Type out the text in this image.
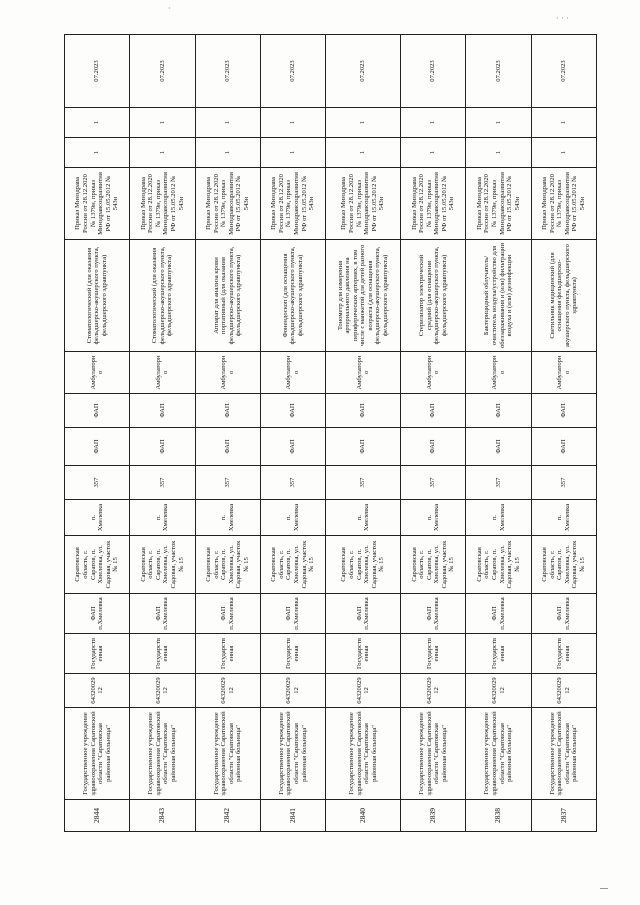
·
· · ·
2844	Государственное учреждение здравоохранения Саратовской области "Саратовская районная больница"	6432002912	Государственная	ФАП п.Хмелевка	Саратовская область, г. Саратов, п. Хмелевка, ул. Садовая, участок № 15	п. Хмелевка	357	ФАП	ФАП	Амбулаторно	Стоматологический (для оказания фельдшерско-акушерского пункта, фельдшерского здравпункта)	Приказ Минздрава России от 28.12.2020 № 1379н, приказ Минздравсоцразвития РФ от 15.05.2012 № 543н	1	1	07.2023
2843	Государственное учреждение здравоохранения Саратовской области "Саратовская районная больница"	6432002912	Государственная	ФАП п.Хмелевка	Саратовская область, г. Саратов, п. Хмелевка, ул. Садовая, участок № 15	п. Хмелевка	357	ФАП	ФАП	Амбулаторно	Стоматологический (для оказания фельдшерско-акушерского пункта, фельдшерского здравпункта)	Приказ Минздрава России от 28.12.2020 № 1379н, приказ Минздравсоцразвития РФ от 15.05.2012 № 543н	1	1	07.2023
2842	Государственное учреждение здравоохранения Саратовской области "Саратовская районная больница"	6432002912	Государственная	ФАП п.Хмелевка	Саратовская область, г. Саратов, п. Хмелевка, ул. Садовая, участок № 15	п. Хмелевка	357	ФАП	ФАП	Амбулаторно	Аппарат для анализа крови портативный (для оказания фельдшерско-акушерского пункта, фельдшерского здравпункта)	Приказ Минздрава России от 28.12.2020 № 1379н, приказ Минздравсоцразвития РФ от 15.05.2012 № 543н	1	1	07.2023
2841	Государственное учреждение здравоохранения Саратовской области "Саратовская районная больница"	6432002912	Государственная	ФАП п.Хмелевка	Саратовская область, г. Саратов, п. Хмелевка, ул. Садовая, участок № 15	п. Хмелевка	357	ФАП	ФАП	Амбулаторно	Фонендоскоп (для оснащения фельдшерско-акушерского пункта, фельдшерского здравпункта)	Приказ Минздрава России от 28.12.2020 № 1379н, приказ Минздравсоцразвития РФ от 15.05.2012 № 543н	1	1	07.2023
2840	Государственное учреждение здравоохранения Саратовской области "Саратовская районная больница"	6432002912	Государственная	ФАП п.Хмелевка	Саратовская область, г. Саратов, п. Хмелевка, ул. Садовая, участок № 15	п. Хмелевка	357	ФАП	ФАП	Амбулаторно	Тонометр для измерения артериального давления на периферических артериях, в том числе с манжетой для детей разного возраста (для оснащения фельдшерско-акушерского пункта, фельдшерского здравпункта)	Приказ Минздрава России от 28.12.2020 № 1379н, приказ Минздравсоцразвития РФ от 15.05.2012 № 543н	1	1	07.2023
2839	Государственное учреждение здравоохранения Саратовской области "Саратовская районная больница"	6432002912	Государственная	ФАП п.Хмелевка	Саратовская область, г. Саратов, п. Хмелевка, ул. Садовая, участок № 15	п. Хмелевка	357	ФАП	ФАП	Амбулаторно	Стерилизатор электрический средний (для оснащения фельдшерско-акушерского пункта, фельдшерского здравпункта)	Приказ Минздрава России от 28.12.2020 № 1379н, приказ Минздравсоцразвития РФ от 15.05.2012 № 543н	1	1	07.2023
2838	Государственное учреждение здравоохранения Саратовской области "Саратовская районная больница"	6432002912	Государственная	ФАП п.Хмелевка	Саратовская область, г. Саратов, п. Хмелевка, ул. Садовая, участок № 15	п. Хмелевка	357	ФАП	ФАП	Амбулаторно	Бактерицидный облучатель/очиститель воздуха/устройство для обеззараживания и (или) фильтрации воздуха и (или) дезинфекции	Приказ Минздрава России от 28.12.2020 № 1379н, приказ Минздравсоцразвития РФ от 15.05.2012 № 543н	1	1	07.2023
2837	Государственное учреждение здравоохранения Саратовской области "Саратовская районная больница"	6432002912	Государственная	ФАП п.Хмелевка	Саратовская область, г. Саратов, п. Хмелевка, ул. Садовая, участок № 15	п. Хмелевка	357	ФАП	ФАП	Амбулаторно	Светильник медицинский (для оснащения фельдшерско-акушерского пункта, фельдшерского здравпункта)	Приказ Минздрава России от 28.12.2020 № 1379н, приказ Минздравсоцразвития РФ от 15.05.2012 № 543н	1	1	07.2023
